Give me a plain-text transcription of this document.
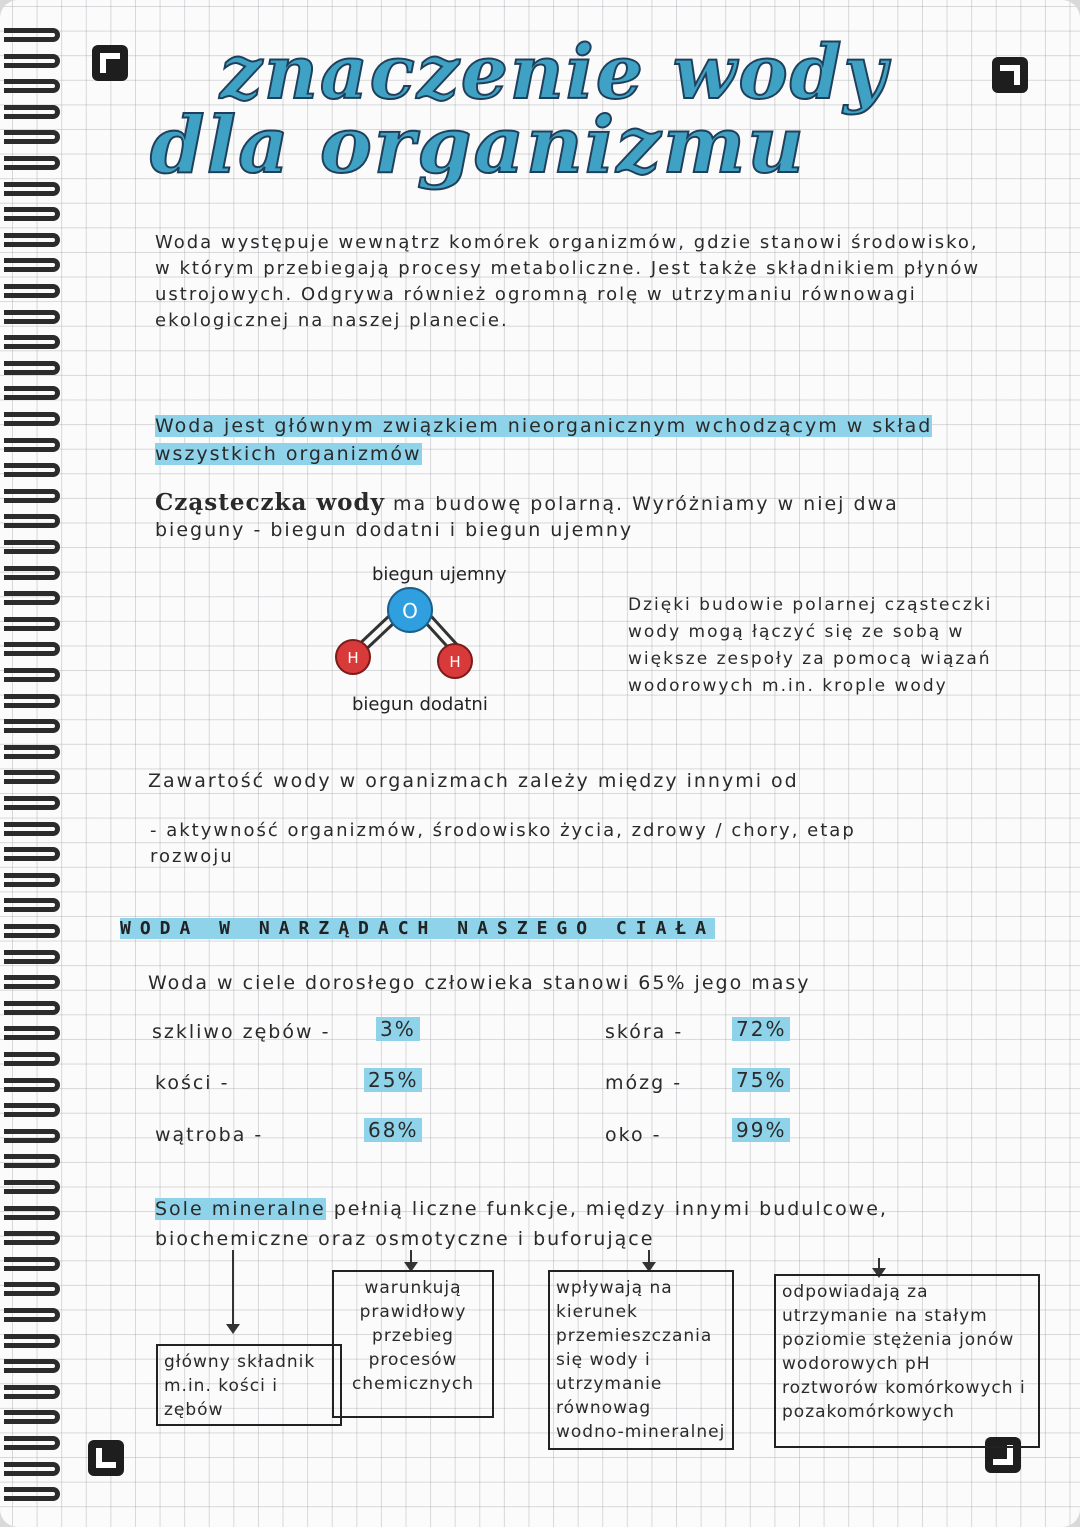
znaczenie wody
dla organizmu
Woda występuje wewnątrz komórek organizmów, gdzie stanowi środowisko, w którym przebiegają procesy metaboliczne. Jest także składnikiem płynów ustrojowych. Odgrywa również ogromną rolę w utrzymaniu równowagi ekologicznej na naszej planecie.
Woda jest głównym związkiem nieorganicznym wchodzącym w skład wszystkich organizmów
Cząsteczka wody ma budowę polarną. Wyróżniamy w niej dwa bieguny - biegun dodatni i biegun ujemny
biegun ujemny
O
H	H
biegun dodatni
Dzięki budowie polarnej cząsteczki wody mogą łączyć się ze sobą w większe zespoły za pomocą wiązań wodorowych m.in. krople wody
Zawartość wody w organizmach zależy między innymi od
- aktywność organizmów, środowisko życia, zdrowy / chory, etap rozwoju
WODA W NARZĄDACH NASZEGO CIAŁA
Woda w ciele dorosłego człowieka stanowi 65% jego masy
szkliwo zębów - 3%
kości -	25%
wątroba -	68%
skóra -	72%
mózg -	75%
oko -	99%
Sole mineralne pełnią liczne funkcje, między innymi budulcowe, biochemiczne oraz osmotyczne i buforujące
główny składnik m.in. kości i zębów
warunkują prawidłowy przebieg procesów chemicznych
wpływają na kierunek przemieszczania się wody i utrzymanie równowag wodno-mineralnej
odpowiadają za utrzymanie na stałym poziomie stężenia jonów wodorowych pH roztworów komórkowych i pozakomórkowych
